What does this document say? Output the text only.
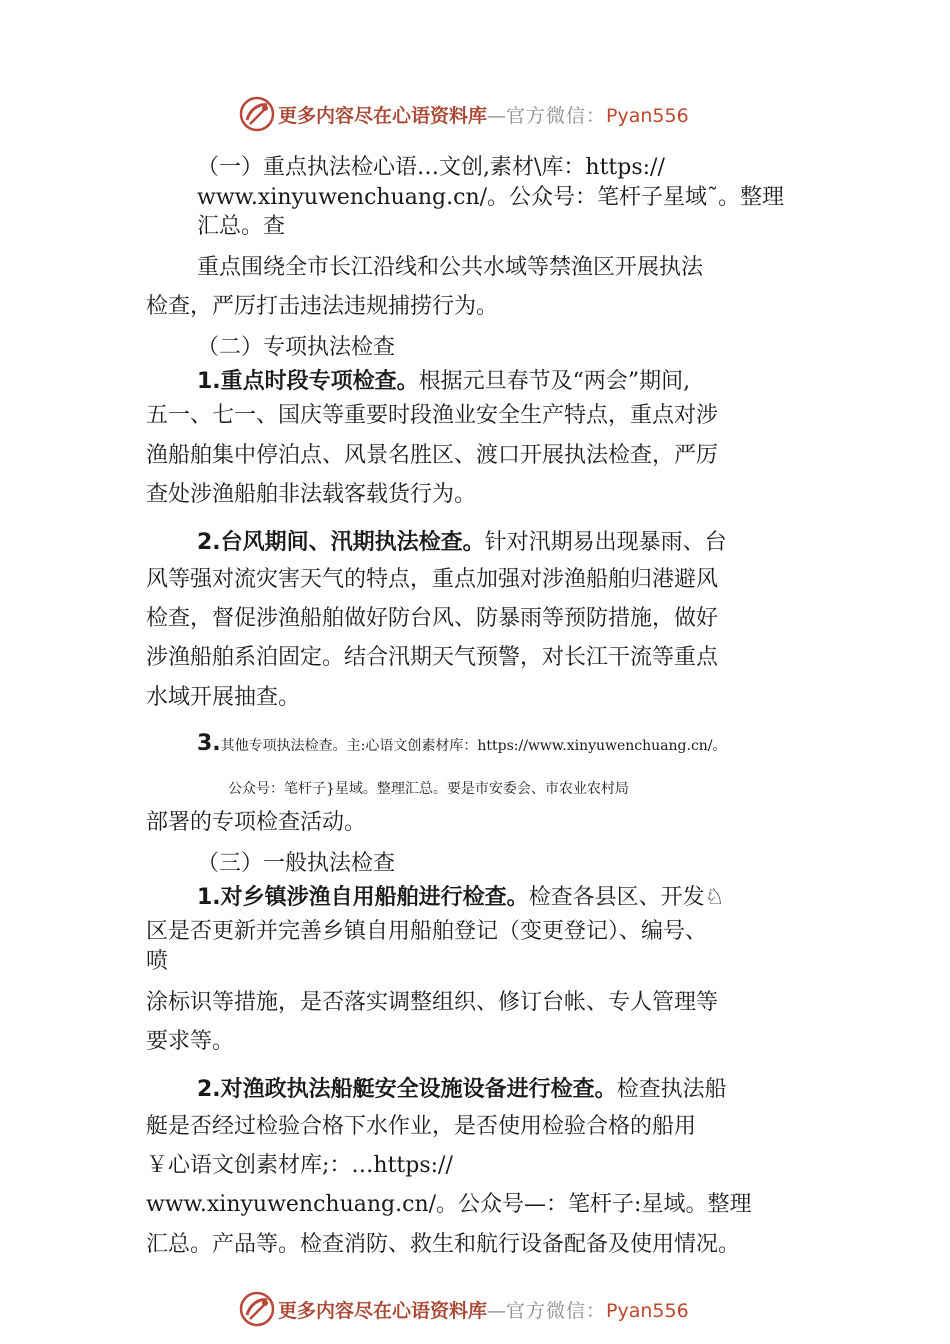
更多内容尽在心语资料库—官方微信：Pyan556
（一）重点执法检心语…文创,素材\库：https://
www.xinyuwenchuang.cn/。公众号：笔杆子星域˜。整理
汇总。查
重点围绕全市长江沿线和公共水域等禁渔区开展执法
检查，严厉打击违法违规捕捞行为。
（二）专项执法检查
1.重点时段专项检查。根据元旦春节及“两会”期间,
五一、七一、国庆等重要时段渔业安全生产特点，重点对涉
渔船舶集中停泊点、风景名胜区、渡口开展执法检查，严厉
查处涉渔船舶非法载客载货行为。
2.台风期间、汛期执法检查。针对汛期易出现暴雨、台
风等强对流灾害天气的特点，重点加强对涉渔船舶归港避风
检查，督促涉渔船舶做好防台风、防暴雨等预防措施，做好
涉渔船舶系泊固定。结合汛期天气预警，对长江干流等重点
水域开展抽查。
3.其他专项执法检查。主:心语文创素材库：https://www.xinyuwenchuang.cn/。
公众号：笔杆子}星域。整理汇总。要是市安委会、市农业农村局
部署的专项检查活动。
（三）一般执法检查
1.对乡镇涉渔自用船舶进行检查。检查各县区、开发♘
区是否更新并完善乡镇自用船舶登记（变更登记）、编号、
喷
涂标识等措施，是否落实调整组织、修订台帐、专人管理等
要求等。
2.对渔政执法船艇安全设施设备进行检查。检查执法船
艇是否经过检验合格下水作业，是否使用检验合格的船用
￥心语文创素材库;：…https://
www.xinyuwenchuang.cn/。公众号—：笔杆子:星域。整理
汇总。产品等。检查消防、救生和航行设备配备及使用情况。
更多内容尽在心语资料库—官方微信：Pyan556
